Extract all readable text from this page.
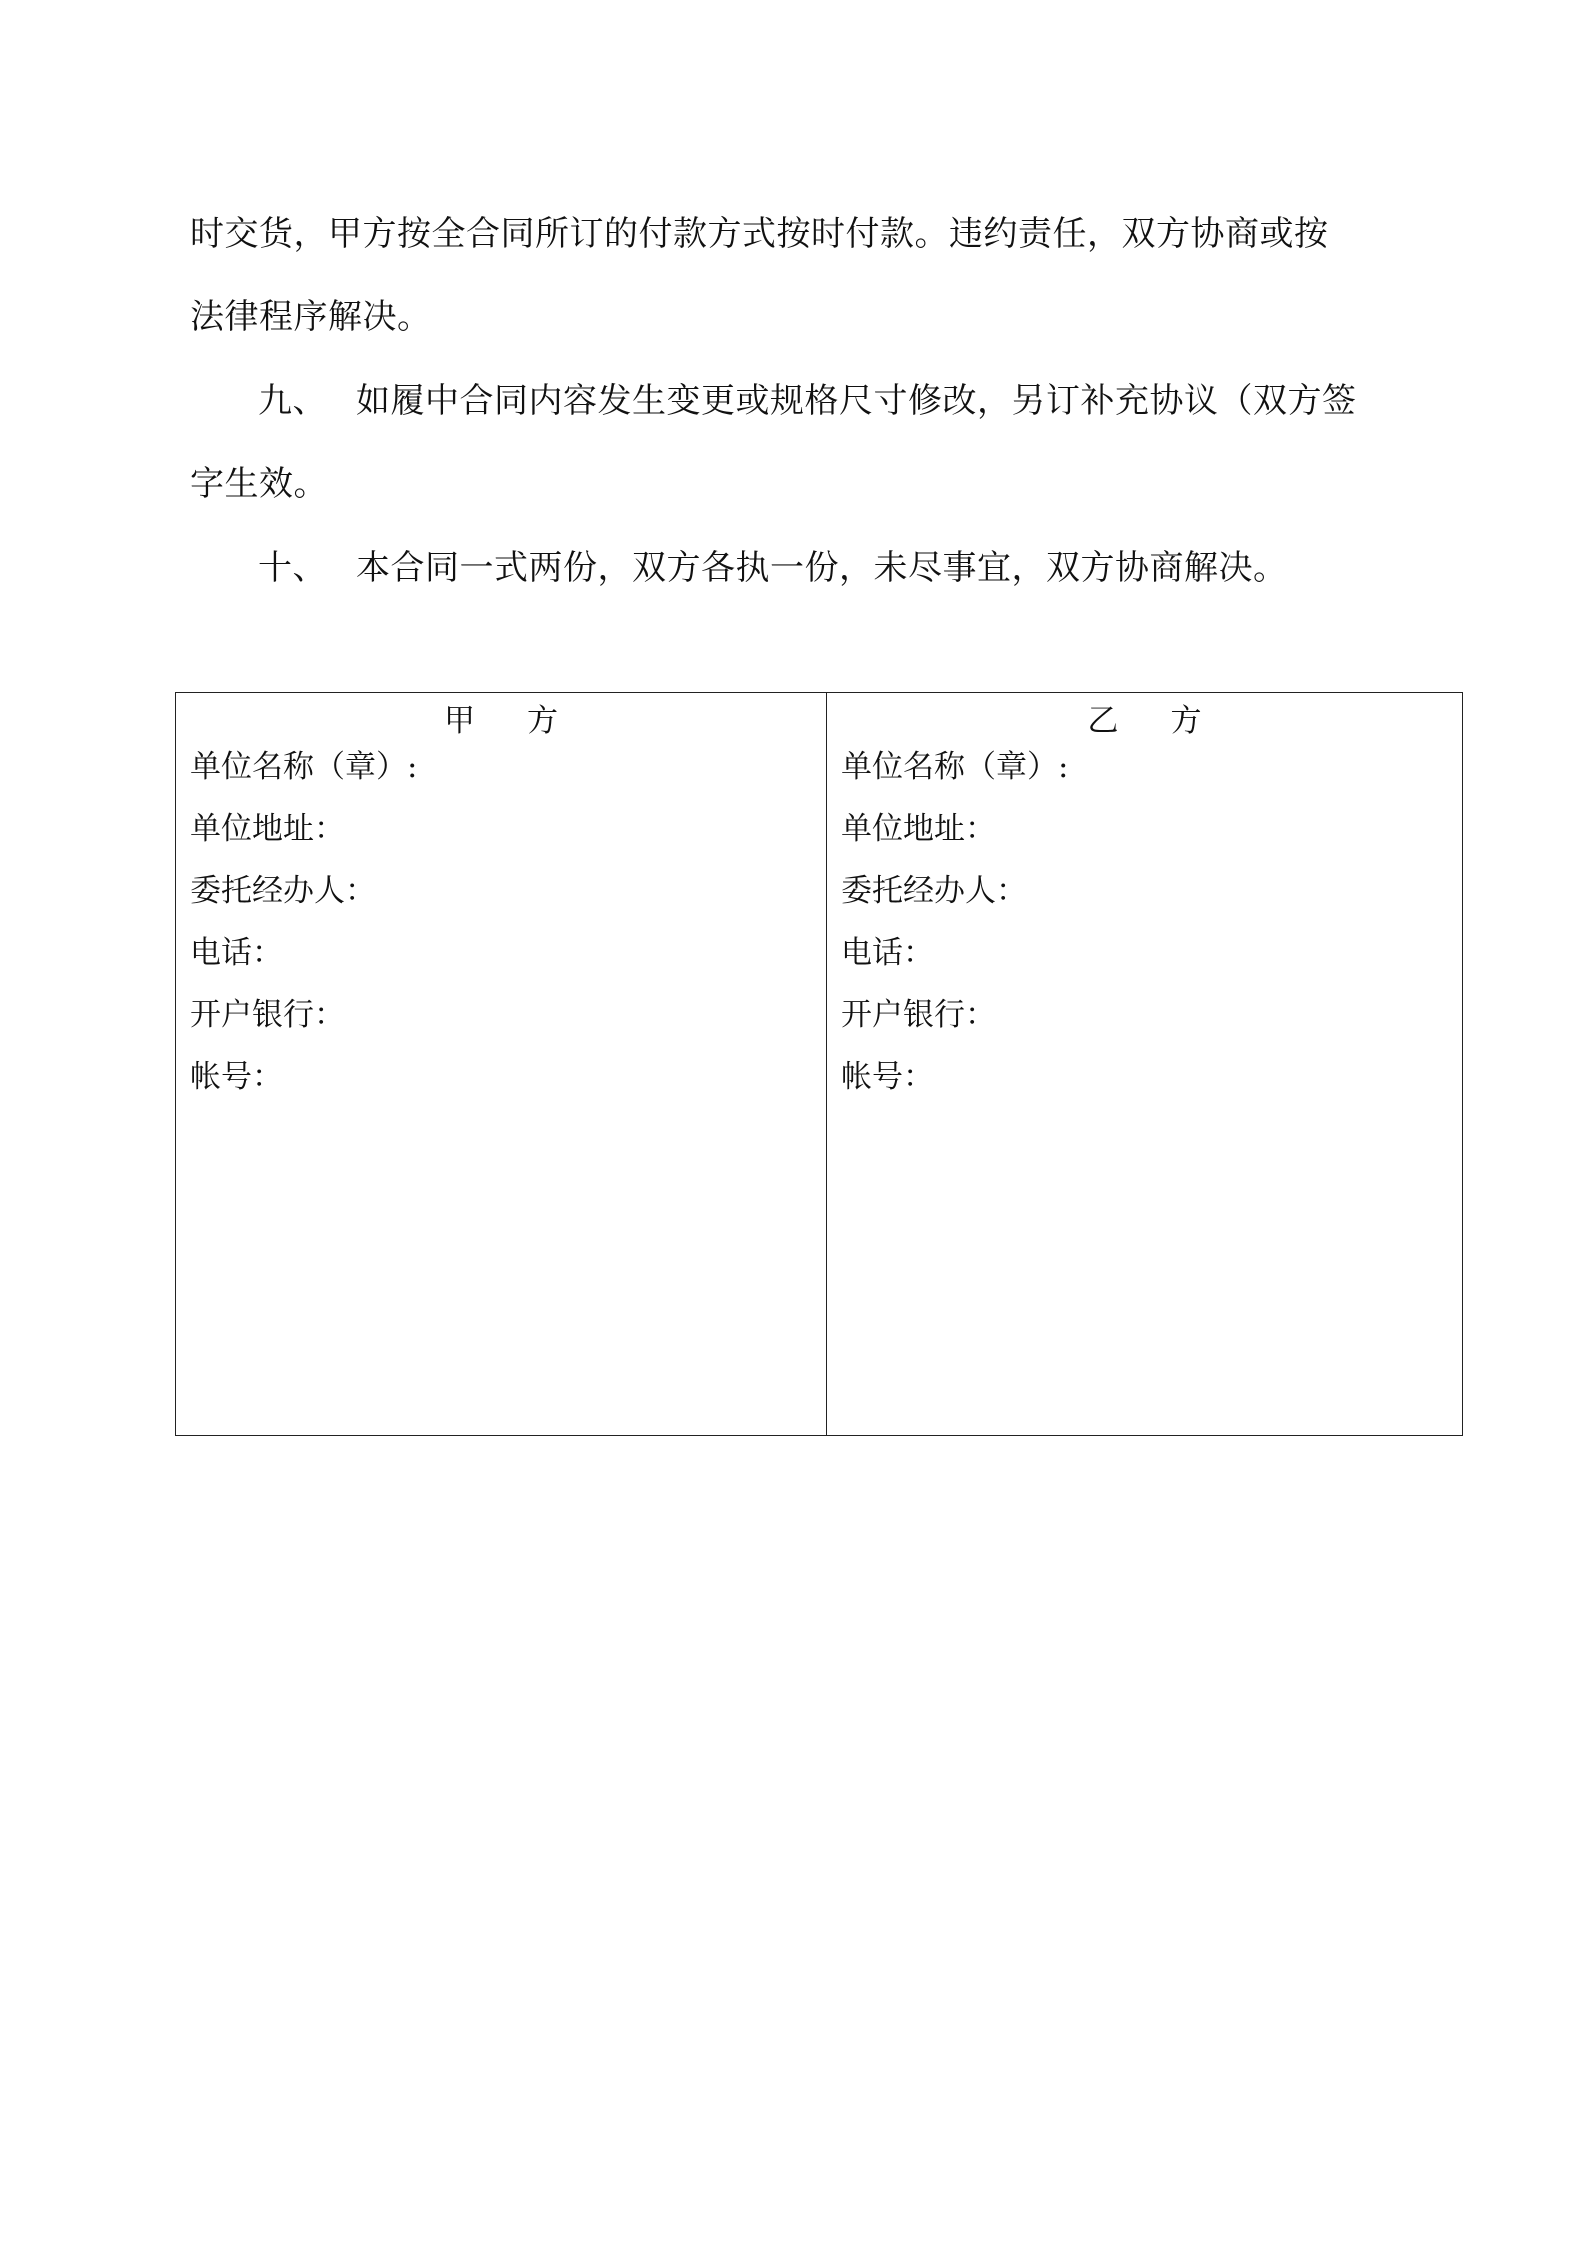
时交货，甲方按全合同所订的付款方式按时付款。违约责任，双方协商或按
法律程序解决。
九、 如履中合同内容发生变更或规格尺寸修改，另订补充协议（双方签
字生效。
十、 本合同一式两份，双方各执一份，未尽事宜，双方协商解决。
甲方
单位名称（章）:
单位地址：
委托经办人：
电话：
开户银行：
帐号：
乙方
单位名称（章）:
单位地址：
委托经办人：
电话：
开户银行：
帐号：
